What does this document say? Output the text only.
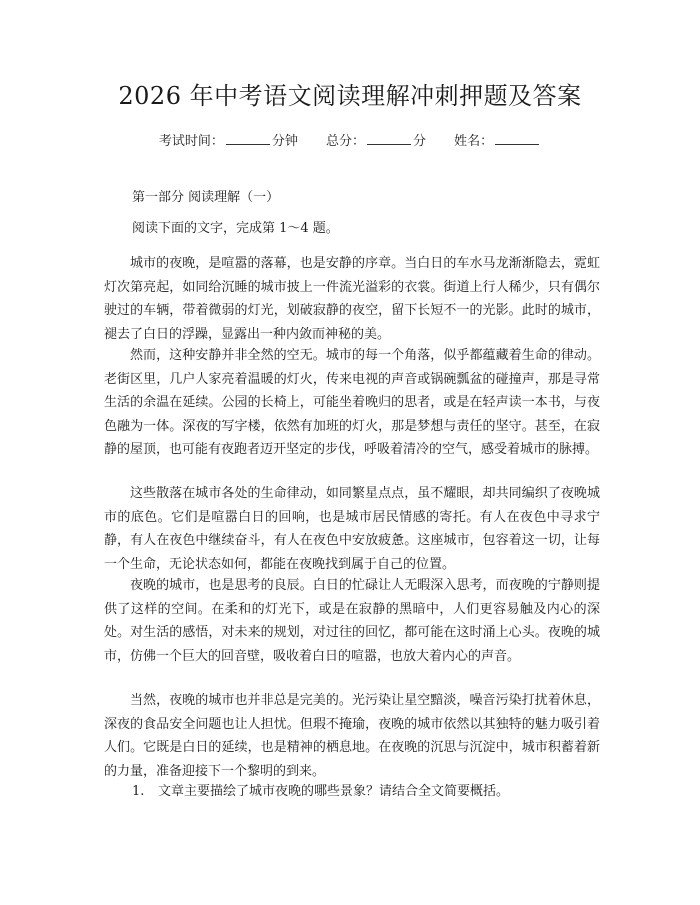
2026 年中考语文阅读理解冲刺押题及答案
考试时间：	分钟 总分：	分 姓名：
第一部分 阅读理解（一）
阅读下面的文字，完成第 1～4 题。

城市的夜晚，是喧嚣的落幕，也是安静的序章。当白日的车水马龙渐渐隐去，霓虹灯次第亮起，如同给沉睡的城市披上一件流光溢彩的衣裳。街道上行人稀少，只有偶尔驶过的车辆，带着微弱的灯光，划破寂静的夜空，留下长短不一的光影。此时的城市，褪去了白日的浮躁，显露出一种内敛而神秘的美。

然而，这种安静并非全然的空无。城市的每一个角落，似乎都蕴藏着生命的律动。老街区里，几户人家亮着温暖的灯火，传来电视的声音或锅碗瓢盆的碰撞声，那是寻常生活的余温在延续。公园的长椅上，可能坐着晚归的思者，或是在轻声读一本书，与夜色融为一体。深夜的写字楼，依然有加班的灯火，那是梦想与责任的坚守。甚至，在寂静的屋顶，也可能有夜跑者迈开坚定的步伐，呼吸着清冷的空气，感受着城市的脉搏。

这些散落在城市各处的生命律动，如同繁星点点，虽不耀眼，却共同编织了夜晚城市的底色。它们是喧嚣白日的回响，也是城市居民情感的寄托。有人在夜色中寻求宁静，有人在夜色中继续奋斗，有人在夜色中安放疲惫。这座城市，包容着这一切，让每一个生命，无论状态如何，都能在夜晚找到属于自己的位置。

夜晚的城市，也是思考的良辰。白日的忙碌让人无暇深入思考，而夜晚的宁静则提供了这样的空间。在柔和的灯光下，或是在寂静的黑暗中，人们更容易触及内心的深处。对生活的感悟，对未来的规划，对过往的回忆，都可能在这时涌上心头。夜晚的城市，仿佛一个巨大的回音壁，吸收着白日的喧嚣，也放大着内心的声音。

当然，夜晚的城市也并非总是完美的。光污染让星空黯淡，噪音污染打扰着休息，深夜的食品安全问题也让人担忧。但瑕不掩瑜，夜晚的城市依然以其独特的魅力吸引着人们。它既是白日的延续，也是精神的栖息地。在夜晚的沉思与沉淀中，城市积蓄着新的力量，准备迎接下一个黎明的到来。

1. 文章主要描绘了城市夜晚的哪些景象？请结合全文简要概括。
